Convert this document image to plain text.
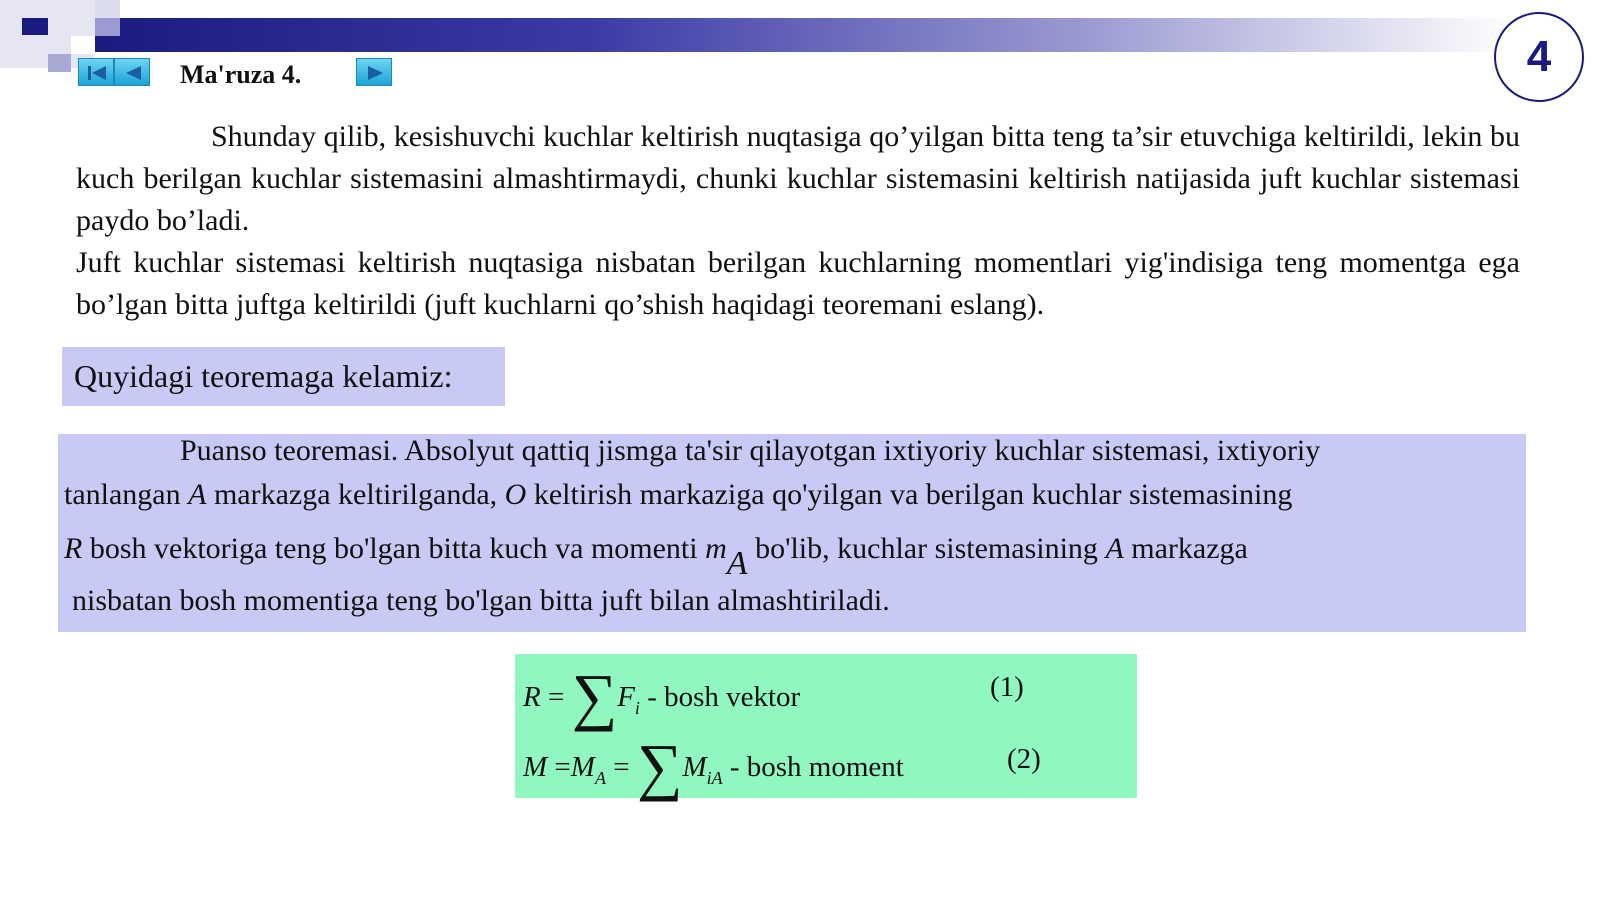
Ma'ruza 4.	4

Shunday qilib, kesishuvchi kuchlar keltirish nuqtasiga qo’yilgan bitta teng ta’sir etuvchiga keltirildi, lekin bu kuch berilgan kuchlar sistemasini almashtirmaydi, chunki kuchlar sistemasini keltirish natijasida juft kuchlar sistemasi paydo bo’ladi.

Juft kuchlar sistemasi keltirish nuqtasiga nisbatan berilgan kuchlarning momentlari yig'indisiga teng momentga ega bo’lgan bitta juftga keltirildi (juft kuchlarni qo’shish haqidagi teoremani eslang).

Quyidagi teoremaga kelamiz:
Puanso teoremasi. Absolyut qattiq jismga ta'sir qilayotgan ixtiyoriy kuchlar sistemasi, ixtiyoriy
tanlangan A markazga keltirilganda, O keltirish markaziga qo'yilgan va berilgan kuchlar sistemasining
R bosh vektoriga teng bo'lgan bitta kuch va momenti mA bo'lib, kuchlar sistemasining A markazga
nisbatan bosh momentiga teng bo'lgan bitta juft bilan almashtiriladi.
$R = \sum F_i$ - bosh vektor	(1)
$M =M_A = \sum M_{iA}$ - bosh moment	(2)
